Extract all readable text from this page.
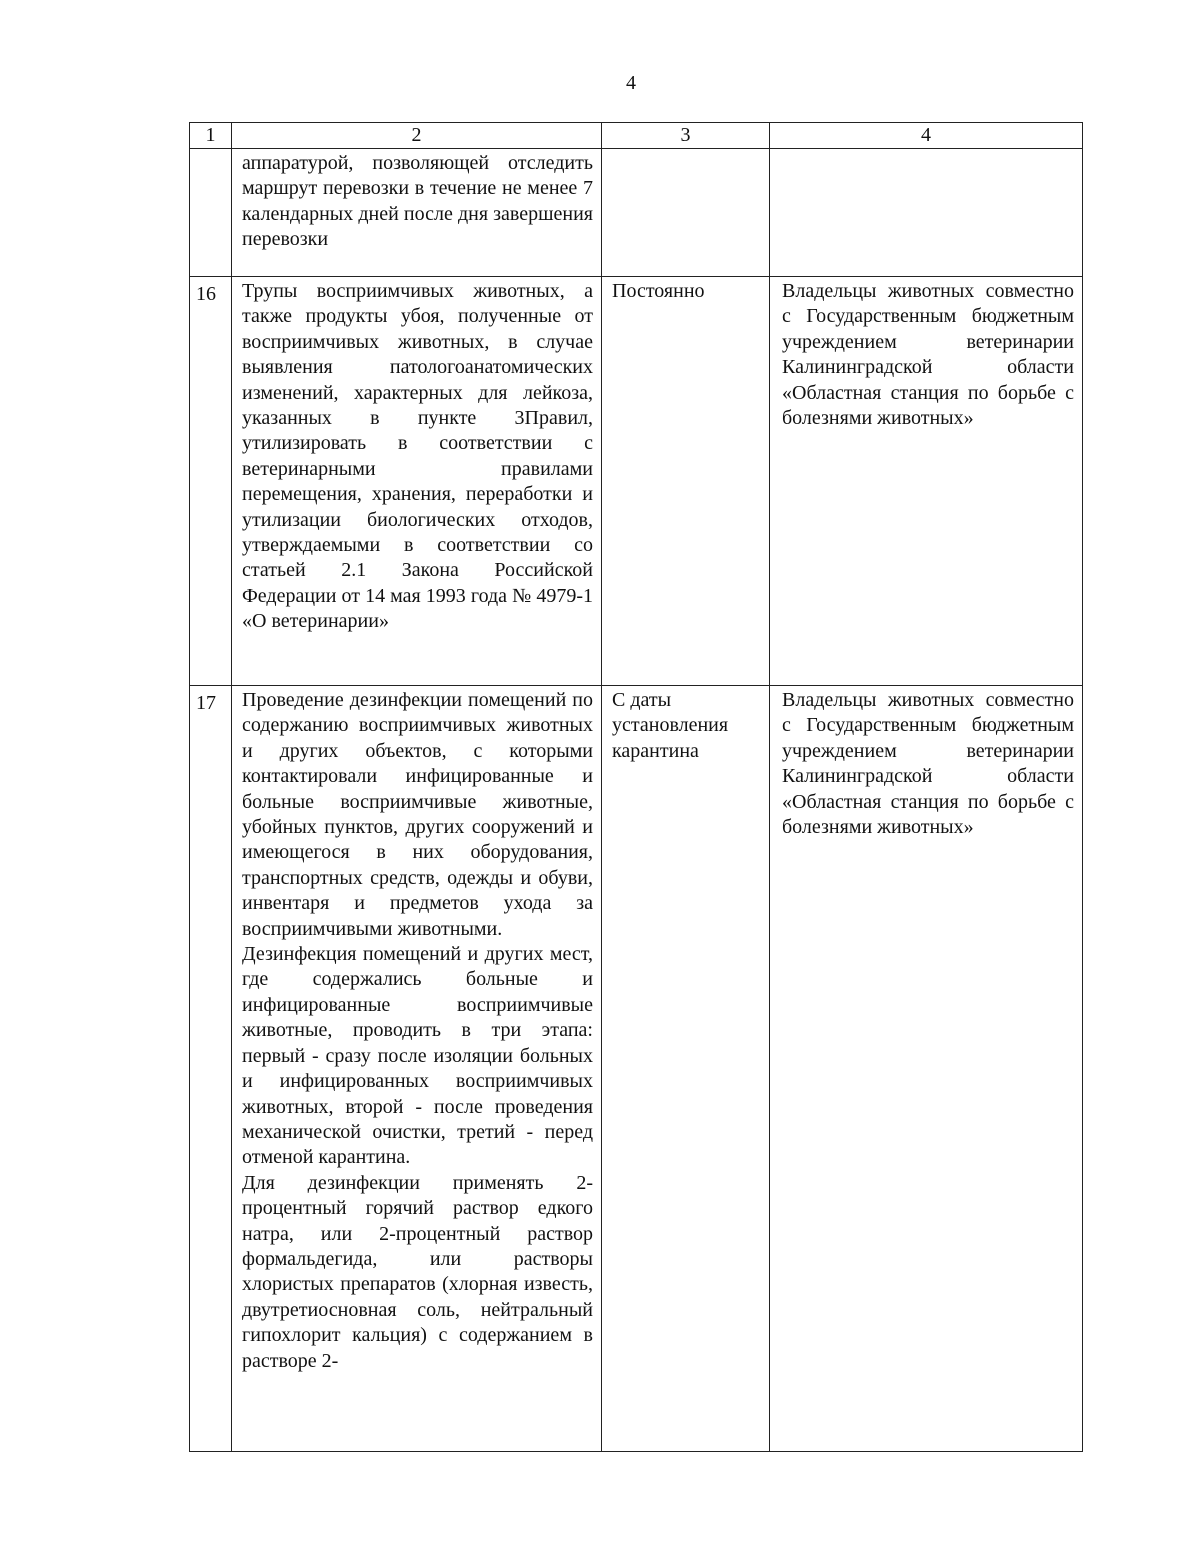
4
1	2	3	4

	аппаратурой, позволяющей отследить маршрут перевозки в течение не менее 7 календарных дней после дня завершения перевозки		

16	Трупы восприимчивых животных, а также продукты убоя, полученные от восприимчивых животных, в случае выявления патологоанатомических изменений, характерных для лейкоза, указанных в пункте 3Правил, утилизировать в соответствии с ветеринарными правилами перемещения, хранения, переработки и утилизации биологических отходов, утверждаемыми в соответствии со статьей 2.1 Закона Российской Федерации от 14 мая 1993 года № 4979-1 «О ветеринарии»	Постоянно	Владельцы животных совместно с Государственным бюджетным учреждением ветеринарии Калининградской области «Областная станция по борьбе с болезнями животных»
17	Проведение дезинфекции помещений по содержанию восприимчивых животных и других объектов, с которыми контактировали инфицированные и больные восприимчивые животные, убойных пунктов, других сооружений и имеющегося в них оборудования, транспортных средств, одежды и обуви, инвентаря и предметов ухода за восприимчивыми животными.
Дезинфекция помещений и других мест, где содержались больные и инфицированные восприимчивые животные, проводить в три этапа: первый - сразу после изоляции больных и инфицированных восприимчивых животных, второй - после проведения механической очистки, третий - перед отменой карантина.
Для дезинфекции применять 2-процентный горячий раствор едкого натра, или 2-процентный раствор формальдегида, или растворы хлористых препаратов (хлорная известь, двутретиосновная соль, нейтральный гипохлорит кальция) с содержанием в растворе 2-	С даты установления карантина	Владельцы животных совместно с Государственным бюджетным учреждением ветеринарии Калининградской области «Областная станция по борьбе с болезнями животных»
